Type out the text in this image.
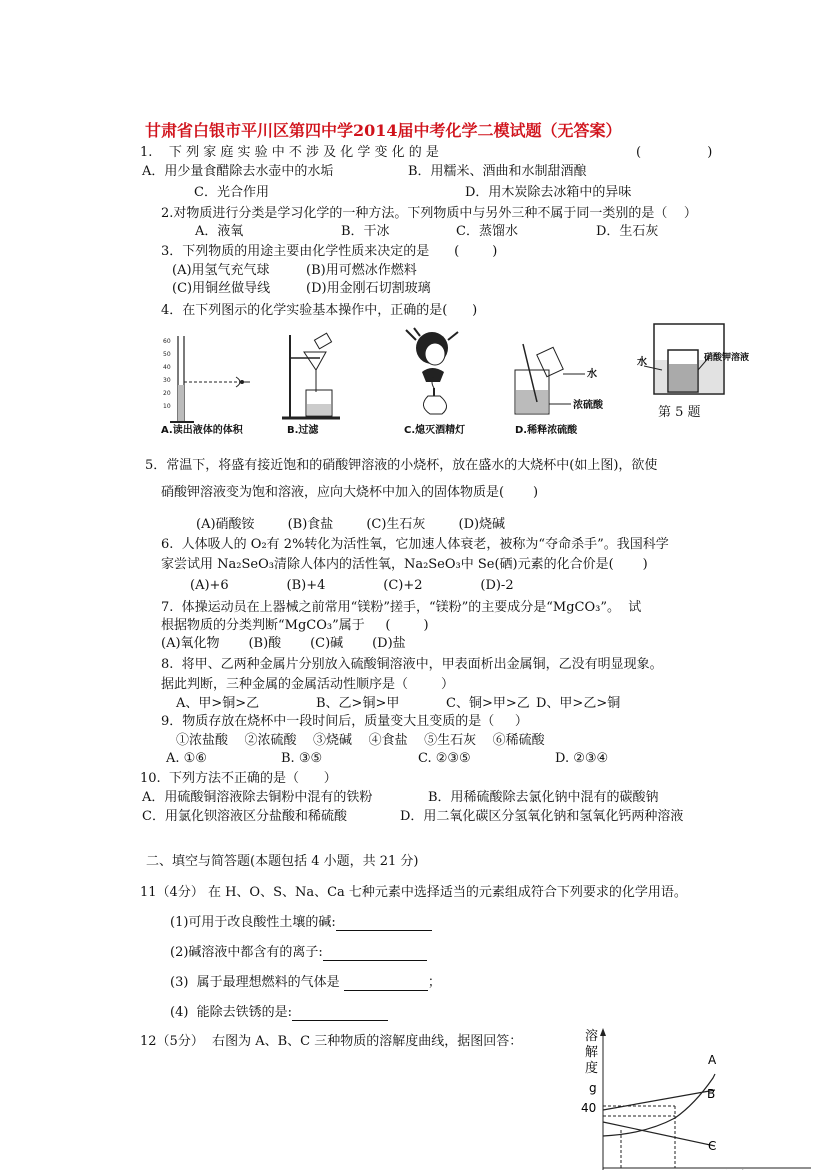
甘肃省白银市平川区第四中学2014届中考化学二模试题（无答案）
1.    下 列 家 庭 实 验 中 不 涉 及 化 学 变 化 的 是	(                )
A．用少量食醋除去水壶中的水垢	B．用糯米、酒曲和水制甜酒酿
C．光合作用	D．用木炭除去冰箱中的异味
2.对物质进行分类是学习化学的一种方法。下列物质中与另外三种不属于同一类别的是（    ）
A．液氧	B．干冰	C．蒸馏水	D．生石灰
3．下列物质的用途主要由化学性质来决定的是      (        )
(A)用氢气充气球	(B)用可燃冰作燃料
(C)用铜丝做导线	(D)用金刚石切割玻璃
4．在下列图示的化学实验基本操作中，正确的是(      )
60
50
40
30
20
10
A.读出液体的体积	B.过滤	C.熄灭酒精灯
水
浓硫酸
D.稀释浓硫酸
水	硝酸钾溶液
第 5 题
5．常温下，将盛有接近饱和的硝酸钾溶液的小烧杯，放在盛水的大烧杯中(如上图)，欲使
硝酸钾溶液变为饱和溶液，应向大烧杯中加入的固体物质是(       )
(A)硝酸铵        (B)食盐        (C)生石灰        (D)烧碱
6.  人体吸人的 O₂有 2%转化为活性氧，它加速人体衰老，被称为“夺命杀手”。我国科学
家尝试用 Na₂SeO₃清除人体内的活性氧，Na₂SeO₃中 Se(硒)元素的化合价是(       )
(A)+6              (B)+4              (C)+2              (D)-2
7.  体操运动员在上器械之前常用“镁粉”搓手，“镁粉”的主要成分是“MgCO₃”。  试
根据物质的分类判断“MgCO₃”属于     (        )
(A)氧化物       (B)酸       (C)碱       (D)盐
8.  将甲、乙两种金属片分别放入硫酸铜溶液中，甲表面析出金属铜，乙没有明显现象。
据此判断，三种金属的金属活动性顺序是（        ）
A、甲>铜>乙	B、乙>铜>甲	C、铜>甲>乙 D、甲>乙>铜
9．物质存放在烧杯中一段时间后，质量变大且变质的是（     ）
①浓盐酸    ②浓硫酸    ③烧碱    ④食盐    ⑤生石灰    ⑥稀硫酸
A. ①⑥	B. ③⑤	C. ②③⑤	D. ②③④
10.  下列方法不正确的是（      ）
A．用硫酸铜溶液除去铜粉中混有的铁粉	B．用稀硫酸除去氯化钠中混有的碳酸钠
C．用氯化钡溶液区分盐酸和稀硫酸	D．用二氧化碳区分氢氧化钠和氢氧化钙两种溶液
二、填空与简答题(本题包括 4 小题，共 21 分)
11（4分） 在 H、O、S、Na、Ca 七种元素中选择适当的元素组成符合下列要求的化学用语。
(1)可用于改良酸性土壤的碱:
(2)碱溶液中都含有的离子:
(3)  属于最理想燃料的气体是	；
(4)  能除去铁锈的是:
12（5分）  右图为 A、B、C 三种物质的溶解度曲线，据图回答：	溶
解
度
g
40
A
B
C
